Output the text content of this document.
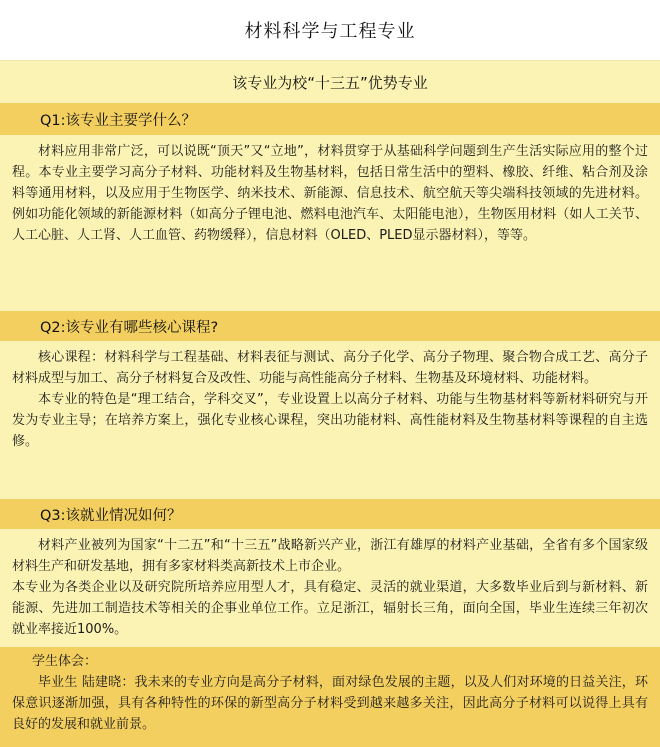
材料科学与工程专业
该专业为校“十三五”优势专业
Q1:该专业主要学什么？

材料应用非常广泛，可以说既“顶天”又“立地”，材料贯穿于从基础科学问题到生产生活实际应用的整个过程。本专业主要学习高分子材料、功能材料及生物基材料，包括日常生活中的塑料、橡胶、纤维、粘合剂及涂料等通用材料，以及应用于生物医学、纳米技术、新能源、信息技术、航空航天等尖端科技领域的先进材料。例如功能化领域的新能源材料（如高分子锂电池、燃料电池汽车、太阳能电池），生物医用材料（如人工关节、人工心脏、人工肾、人工血管、药物缓释），信息材料（OLED、PLED显示器材料），等等。

Q2:该专业有哪些核心课程?

核心课程：材料科学与工程基础、材料表征与测试、高分子化学、高分子物理、聚合物合成工艺、高分子材料成型与加工、高分子材料复合及改性、功能与高性能高分子材料、生物基及环境材料、功能材料。

本专业的特色是“理工结合，学科交叉”，专业设置上以高分子材料、功能与生物基材料等新材料研究与开发为专业主导；在培养方案上，强化专业核心课程，突出功能材料、高性能材料及生物基材料等课程的自主选修。

Q3:该就业情况如何？

材料产业被列为国家“十二五”和“十三五”战略新兴产业，浙江有雄厚的材料产业基础，全省有多个国家级材料生产和研发基地，拥有多家材料类高新技术上市企业。

本专业为各类企业以及研究院所培养应用型人才，具有稳定、灵活的就业渠道，大多数毕业后到与新材料、新能源、先进加工制造技术等相关的企事业单位工作。立足浙江，辐射长三角，面向全国，毕业生连续三年初次就业率接近100%。

学生体会：

毕业生 陆建晓：我未来的专业方向是高分子材料，面对绿色发展的主题，以及人们对环境的日益关注，环保意识逐渐加强，具有各种特性的环保的新型高分子材料受到越来越多关注，因此高分子材料可以说得上具有良好的发展和就业前景。
